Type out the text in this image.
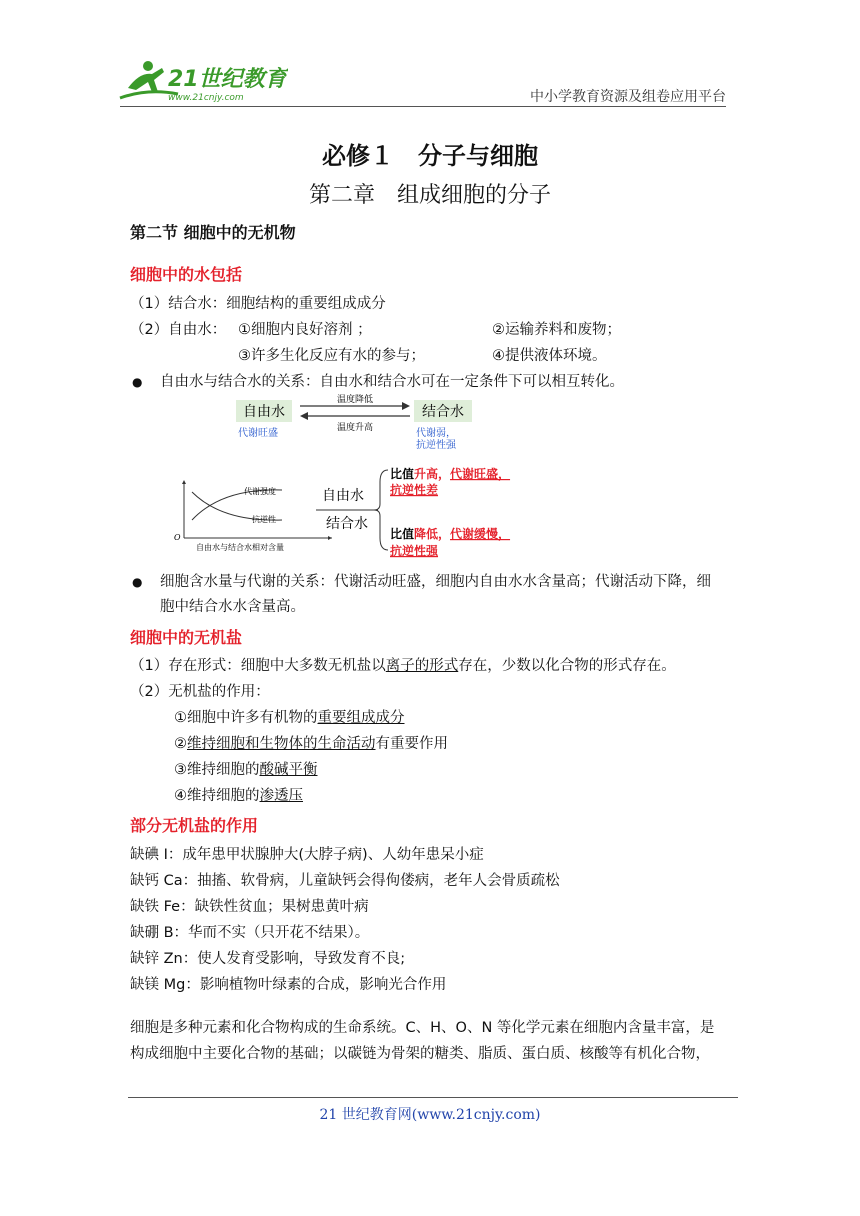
21世纪教育
www.21cnjy.com	中小学教育资源及组卷应用平台
必修１　分子与细胞
第二章　组成细胞的分子
第二节 细胞中的无机物
细胞中的水包括
（1）结合水：细胞结构的重要组成成分
（2）自由水： ①细胞内良好溶剂 ；	②运输养料和废物；
③许多生化反应有水的参与；	④提供液体环境。
● 自由水与结合水的关系：自由水和结合水可在一定条件下可以相互转化。
自由水
代谢旺盛
温度降低
温度升高
结合水
代谢弱，
抗逆性强
代谢强度
抗逆性
O
自由水与结合水相对含量
自由水
结合水
比值升高，代谢旺盛，
抗逆性差
比值降低，代谢缓慢，
抗逆性强
● 细胞含水量与代谢的关系：代谢活动旺盛，细胞内自由水水含量高；代谢活动下降，细
胞中结合水水含量高。
细胞中的无机盐
（1）存在形式：细胞中大多数无机盐以离子的形式存在，少数以化合物的形式存在。
（2）无机盐的作用：
①细胞中许多有机物的重要组成成分
②维持细胞和生物体的生命活动有重要作用
③维持细胞的酸碱平衡
④维持细胞的渗透压
部分无机盐的作用
缺碘 I：成年患甲状腺肿大(大脖子病)、人幼年患呆小症
缺钙 Ca：抽搐、软骨病，儿童缺钙会得佝偻病，老年人会骨质疏松
缺铁 Fe：缺铁性贫血；果树患黄叶病
缺硼 B：华而不实（只开花不结果）。
缺锌 Zn：使人发育受影响，导致发育不良;
缺镁 Mg：影响植物叶绿素的合成，影响光合作用
细胞是多种元素和化合物构成的生命系统。C、H、O、N 等化学元素在细胞内含量丰富，是
构成细胞中主要化合物的基础；以碳链为骨架的糖类、脂质、蛋白质、核酸等有机化合物，
21 世纪教育网(www.21cnjy.com)
